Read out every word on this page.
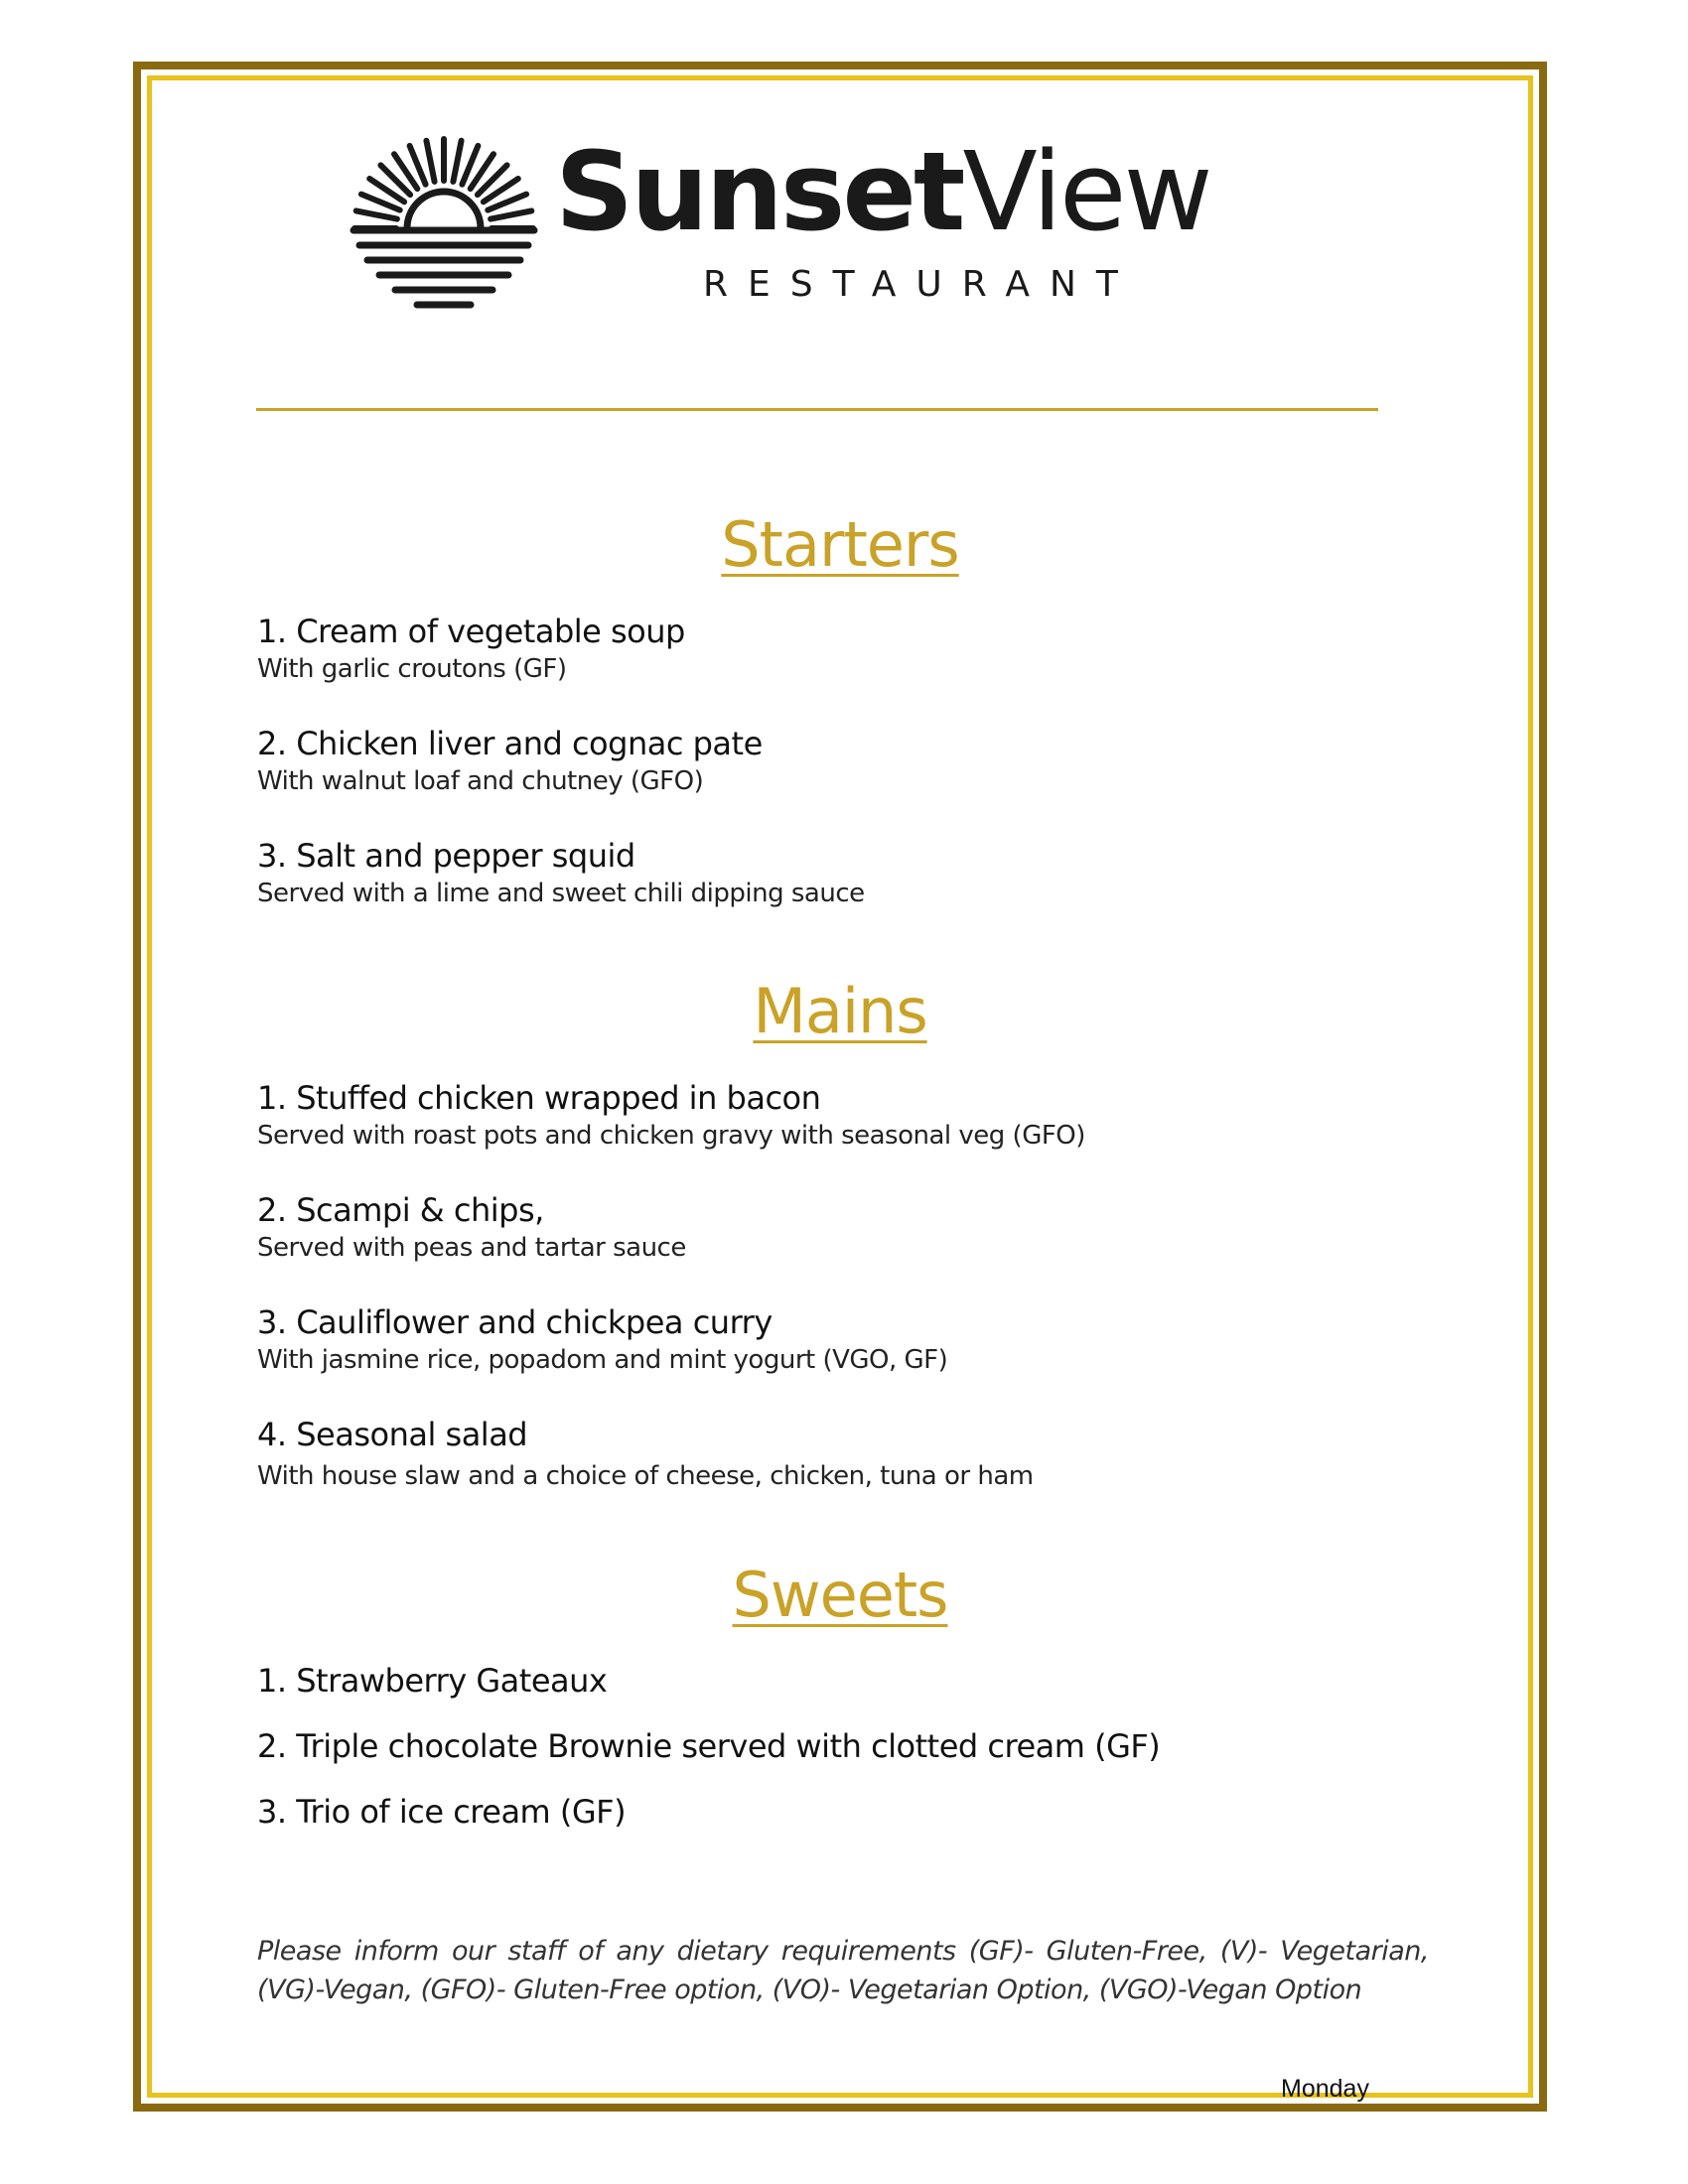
SunsetView
RESTAURANT
Starters
1. Cream of vegetable soup
With garlic croutons (GF)
2. Chicken liver and cognac pate
With walnut loaf and chutney (GFO)
3. Salt and pepper squid
Served with a lime and sweet chili dipping sauce
Mains
1. Stuffed chicken wrapped in bacon
Served with roast pots and chicken gravy with seasonal veg (GFO)
2. Scampi & chips,
Served with peas and tartar sauce
3. Cauliflower and chickpea curry
With jasmine rice, popadom and mint yogurt (VGO, GF)
4. Seasonal salad
With house slaw and a choice of cheese, chicken, tuna or ham
Sweets
1. Strawberry Gateaux
2. Triple chocolate Brownie served with clotted cream (GF)
3. Trio of ice cream (GF)
Please inform our staff of any dietary requirements (GF)- Gluten-Free, (V)- Vegetarian, (VG)-Vegan, (GFO)- Gluten-Free option, (VO)- Vegetarian Option, (VGO)-Vegan Option
Monday
